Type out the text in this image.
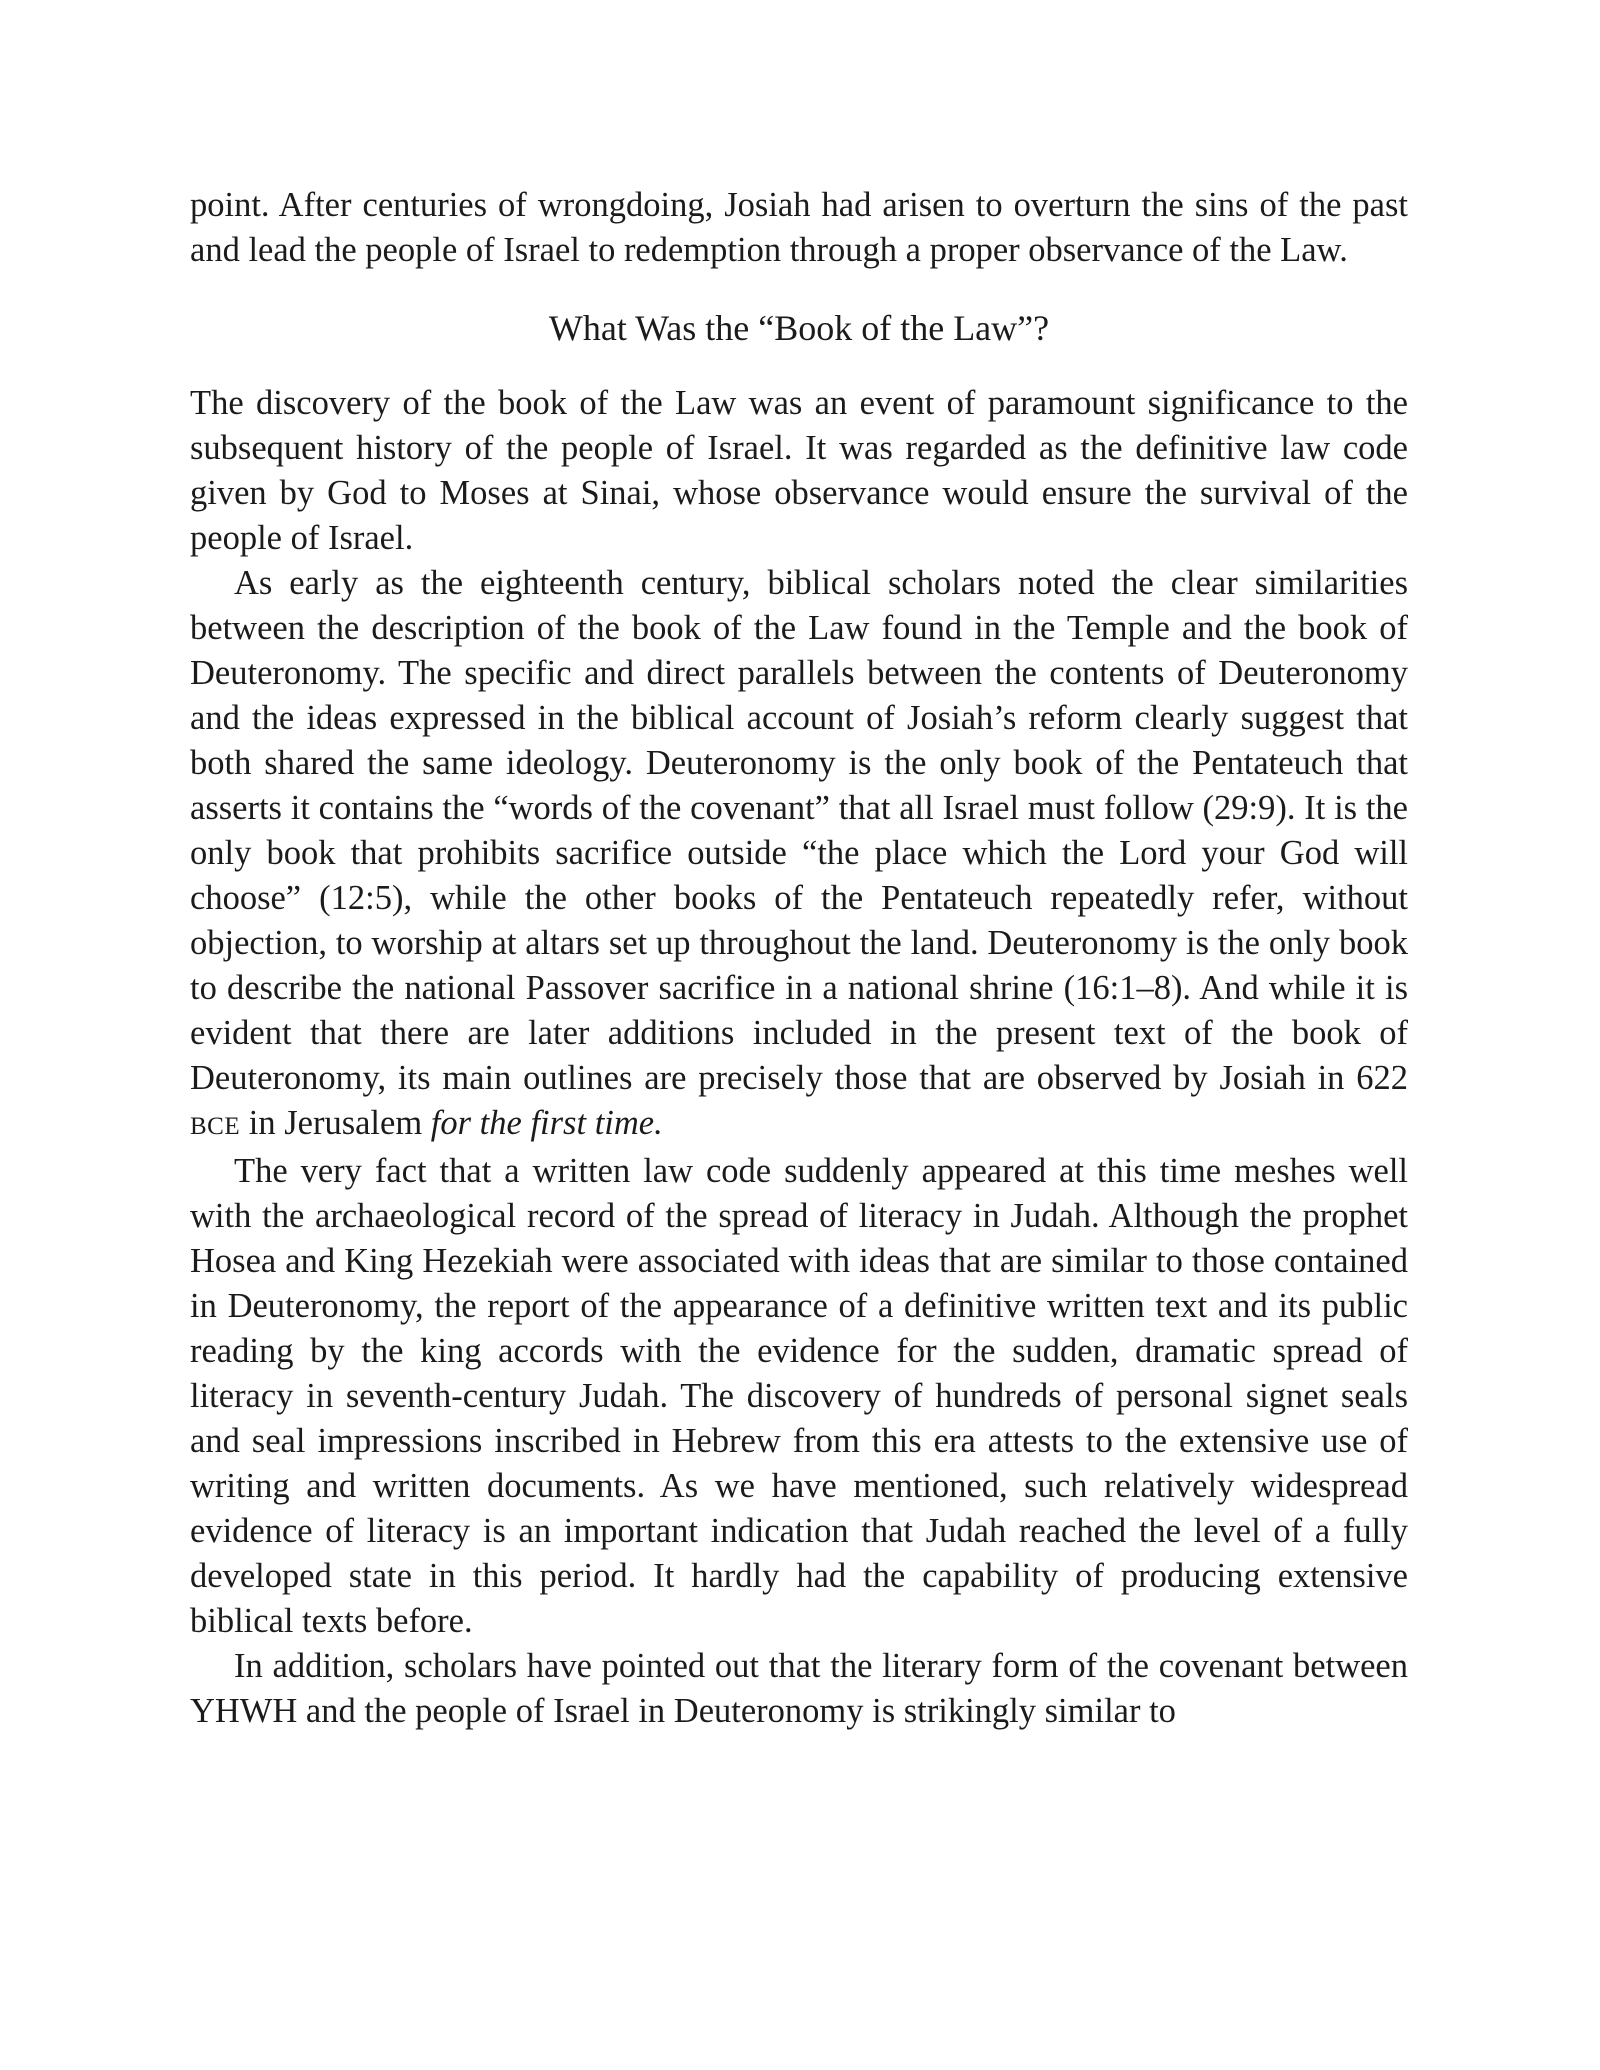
point. After centuries of wrongdoing, Josiah had arisen to overturn the sins of the past and lead the people of Israel to redemption through a proper observance of the Law.

What Was the “Book of the Law”?

The discovery of the book of the Law was an event of paramount significance to the subsequent history of the people of Israel. It was regarded as the definitive law code given by God to Moses at Sinai, whose observance would ensure the survival of the people of Israel.

As early as the eighteenth century, biblical scholars noted the clear similarities between the description of the book of the Law found in the Temple and the book of Deuteronomy. The specific and direct parallels between the contents of Deuteronomy and the ideas expressed in the biblical account of Josiah’s reform clearly suggest that both shared the same ideology. Deuteronomy is the only book of the Pentateuch that asserts it contains the “words of the covenant” that all Israel must follow (29:9). It is the only book that prohibits sacrifice outside “the place which the Lord your God will choose” (12:5), while the other books of the Pentateuch repeatedly refer, without objection, to worship at altars set up throughout the land. Deuteronomy is the only book to describe the national Passover sacrifice in a national shrine (16:1–8). And while it is evident that there are later additions included in the present text of the book of Deuteronomy, its main outlines are precisely those that are observed by Josiah in 622 BCE in Jerusalem for the first time.

The very fact that a written law code suddenly appeared at this time meshes well with the archaeological record of the spread of literacy in Judah. Although the prophet Hosea and King Hezekiah were associated with ideas that are similar to those contained in Deuteronomy, the report of the appearance of a definitive written text and its public reading by the king accords with the evidence for the sudden, dramatic spread of literacy in seventh-century Judah. The discovery of hundreds of personal signet seals and seal impressions inscribed in Hebrew from this era attests to the extensive use of writing and written documents. As we have mentioned, such relatively widespread evidence of literacy is an important indication that Judah reached the level of a fully developed state in this period. It hardly had the capability of producing extensive biblical texts before.

In addition, scholars have pointed out that the literary form of the covenant between YHWH and the people of Israel in Deuteronomy is strikingly similar to
